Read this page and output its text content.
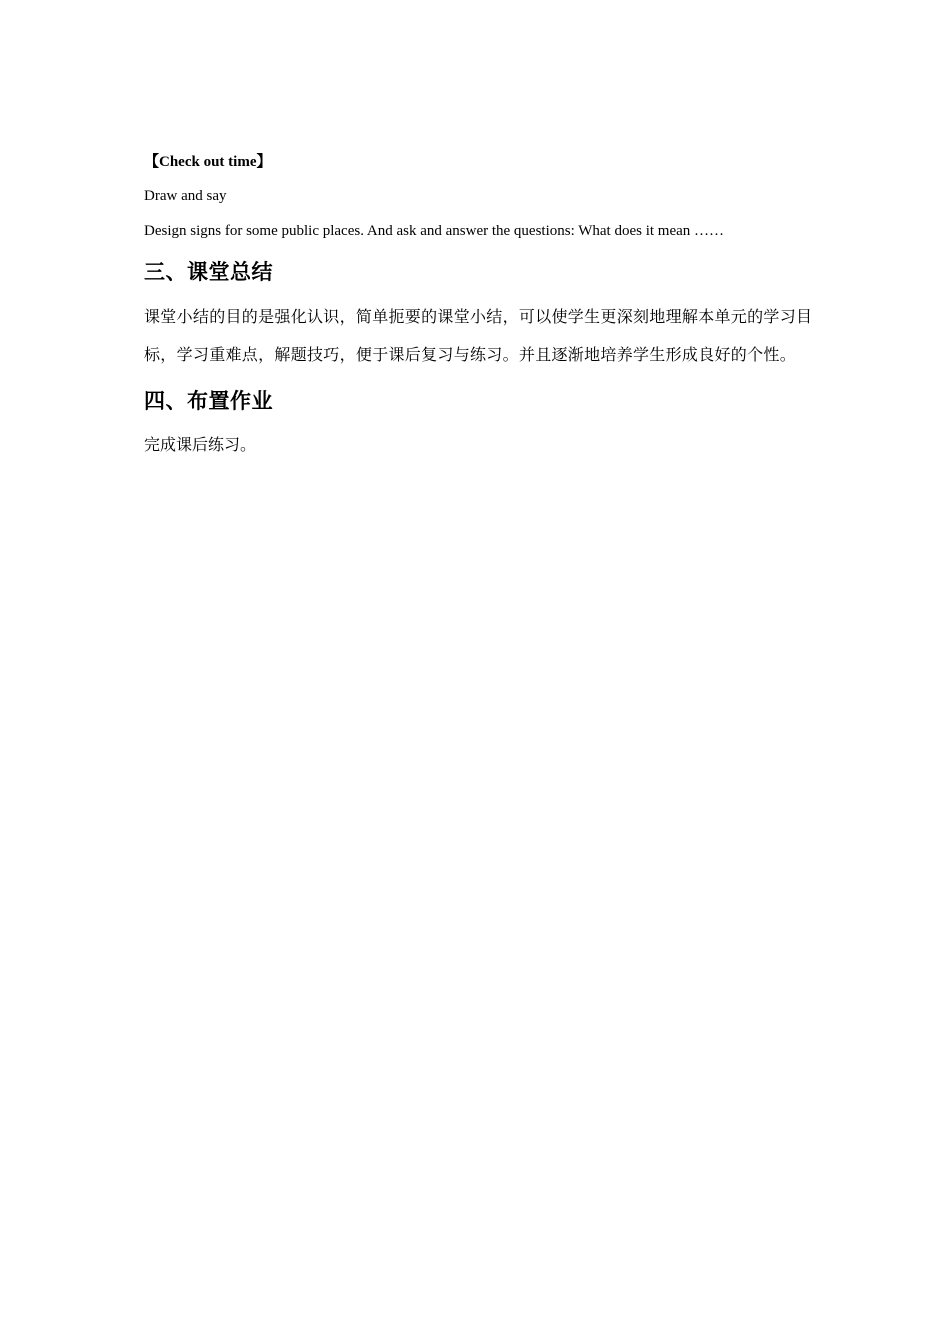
【Check out time】

Draw and say

Design signs for some public places. And ask and answer the questions: What does it mean ……

三、课堂总结

课堂小结的目的是强化认识，简单扼要的课堂小结，可以使学生更深刻地理解本单元的学习目标，学习重难点，解题技巧，便于课后复习与练习。并且逐渐地培养学生形成良好的个性。

四、布置作业

完成课后练习。
